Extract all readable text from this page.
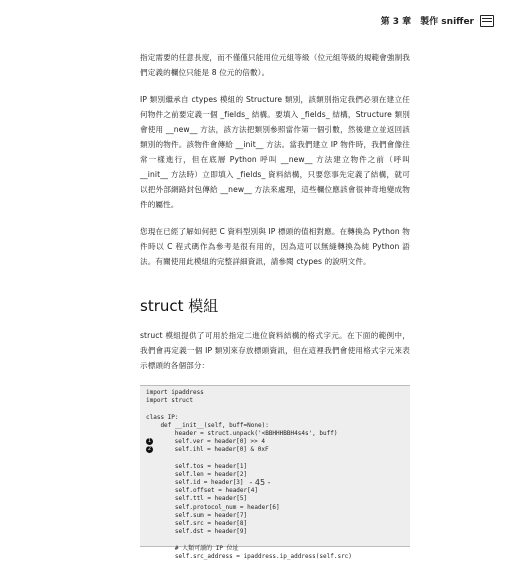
第 3 章　製作 sniffer

指定需要的任意長度，而不僅僅只能用位元組等級（位元組等級的規範會強制我們定義的欄位只能是 8 位元的倍數）。

IP 類別繼承自 ctypes 模組的 Structure 類別，該類別指定我們必須在建立任何物件之前要定義一個 _fields_ 結構。要填入 _fields_ 結構，Structure 類別會使用 __new__ 方法，該方法把類別參照當作第一個引數，然後建立並返回該類別的物件。該物件會傳給 __init__ 方法。當我們建立 IP 物件時，我們會像往常一樣進行，但在底層 Python 呼叫 __new__ 方法建立物件之前（呼叫 __init__ 方法時）立即填入 _fields_ 資料結構，只要您事先定義了結構，就可以把外部網路封包傳給 __new__ 方法來處理，這些欄位應該會很神奇地變成物件的屬性。

您現在已經了解如何把 C 資料型別與 IP 標頭的值相對應。在轉換為 Python 物件時以 C 程式碼作為參考是很有用的，因為這可以無縫轉換為純 Python 語法。有關使用此模組的完整詳細資訊，請參閱 ctypes 的說明文件。

struct 模組

struct 模組提供了可用於指定二進位資料結構的格式字元。在下面的範例中，我們會再定義一個 IP 類別來存放標頭資訊，但在這裡我們會使用格式字元來表示標頭的各個部分：

import ipaddress
import struct
class IP:
def __init__(self, buff=None):
header = struct.unpack('<BBHHHBBH4s4s', buff)
1      self.ver = header[0] >> 4
2      self.ihl = header[0] & 0xF
self.tos = header[1]
self.len = header[2]
self.id = header[3]
self.offset = header[4]
self.ttl = header[5]
self.protocol_num = header[6]
self.sum = header[7]
self.src = header[8]
self.dst = header[9]
# 人類可讀的 IP 位址
self.src_address = ipaddress.ip_address(self.src)
- 45 -
